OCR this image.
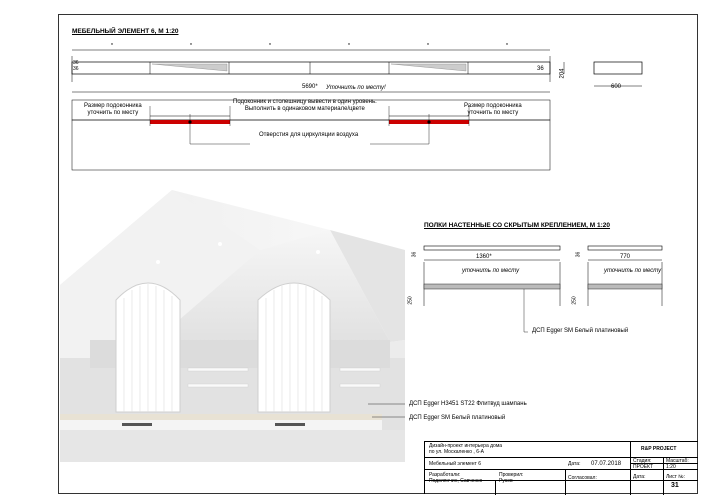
МЕБЕЛЬНЫЙ ЭЛЕМЕНТ 6, М 1:20
36
36	36	204
5690* Уточнить по месту!	600
Размер подоконника
уточнить по месту
Размер подоконника
уточнить по месту
Подоконник и столешницу вывести в один уровень.
Выполнить в одинаковом материале/цвете
Отверстия для циркуляции воздуха
ДСП Egger H3451 ST22 Флитвуд шампань
ДСП Egger SM Белый платиновый
ПОЛКИ НАСТЕННЫЕ СО СКРЫТЫМ КРЕПЛЕНИЕМ, М 1:20
36	36
1360*
уточнить по месту
770
уточнить по месту
250	250
ДСП Egger SM Белый платиновый
Дизайн-проект интерьера дома
по ул. Москаленко , 6-А	R&P PROJECT
Стадия:	Масштаб:
ПРОЕКТ	1:20
Дата:	Лист №:
31
Мебельный элемент 6	Дата: 07.07.2018
Разработали:
Подолянчин, Савченко
Проверил:
Русев	Согласовал:
